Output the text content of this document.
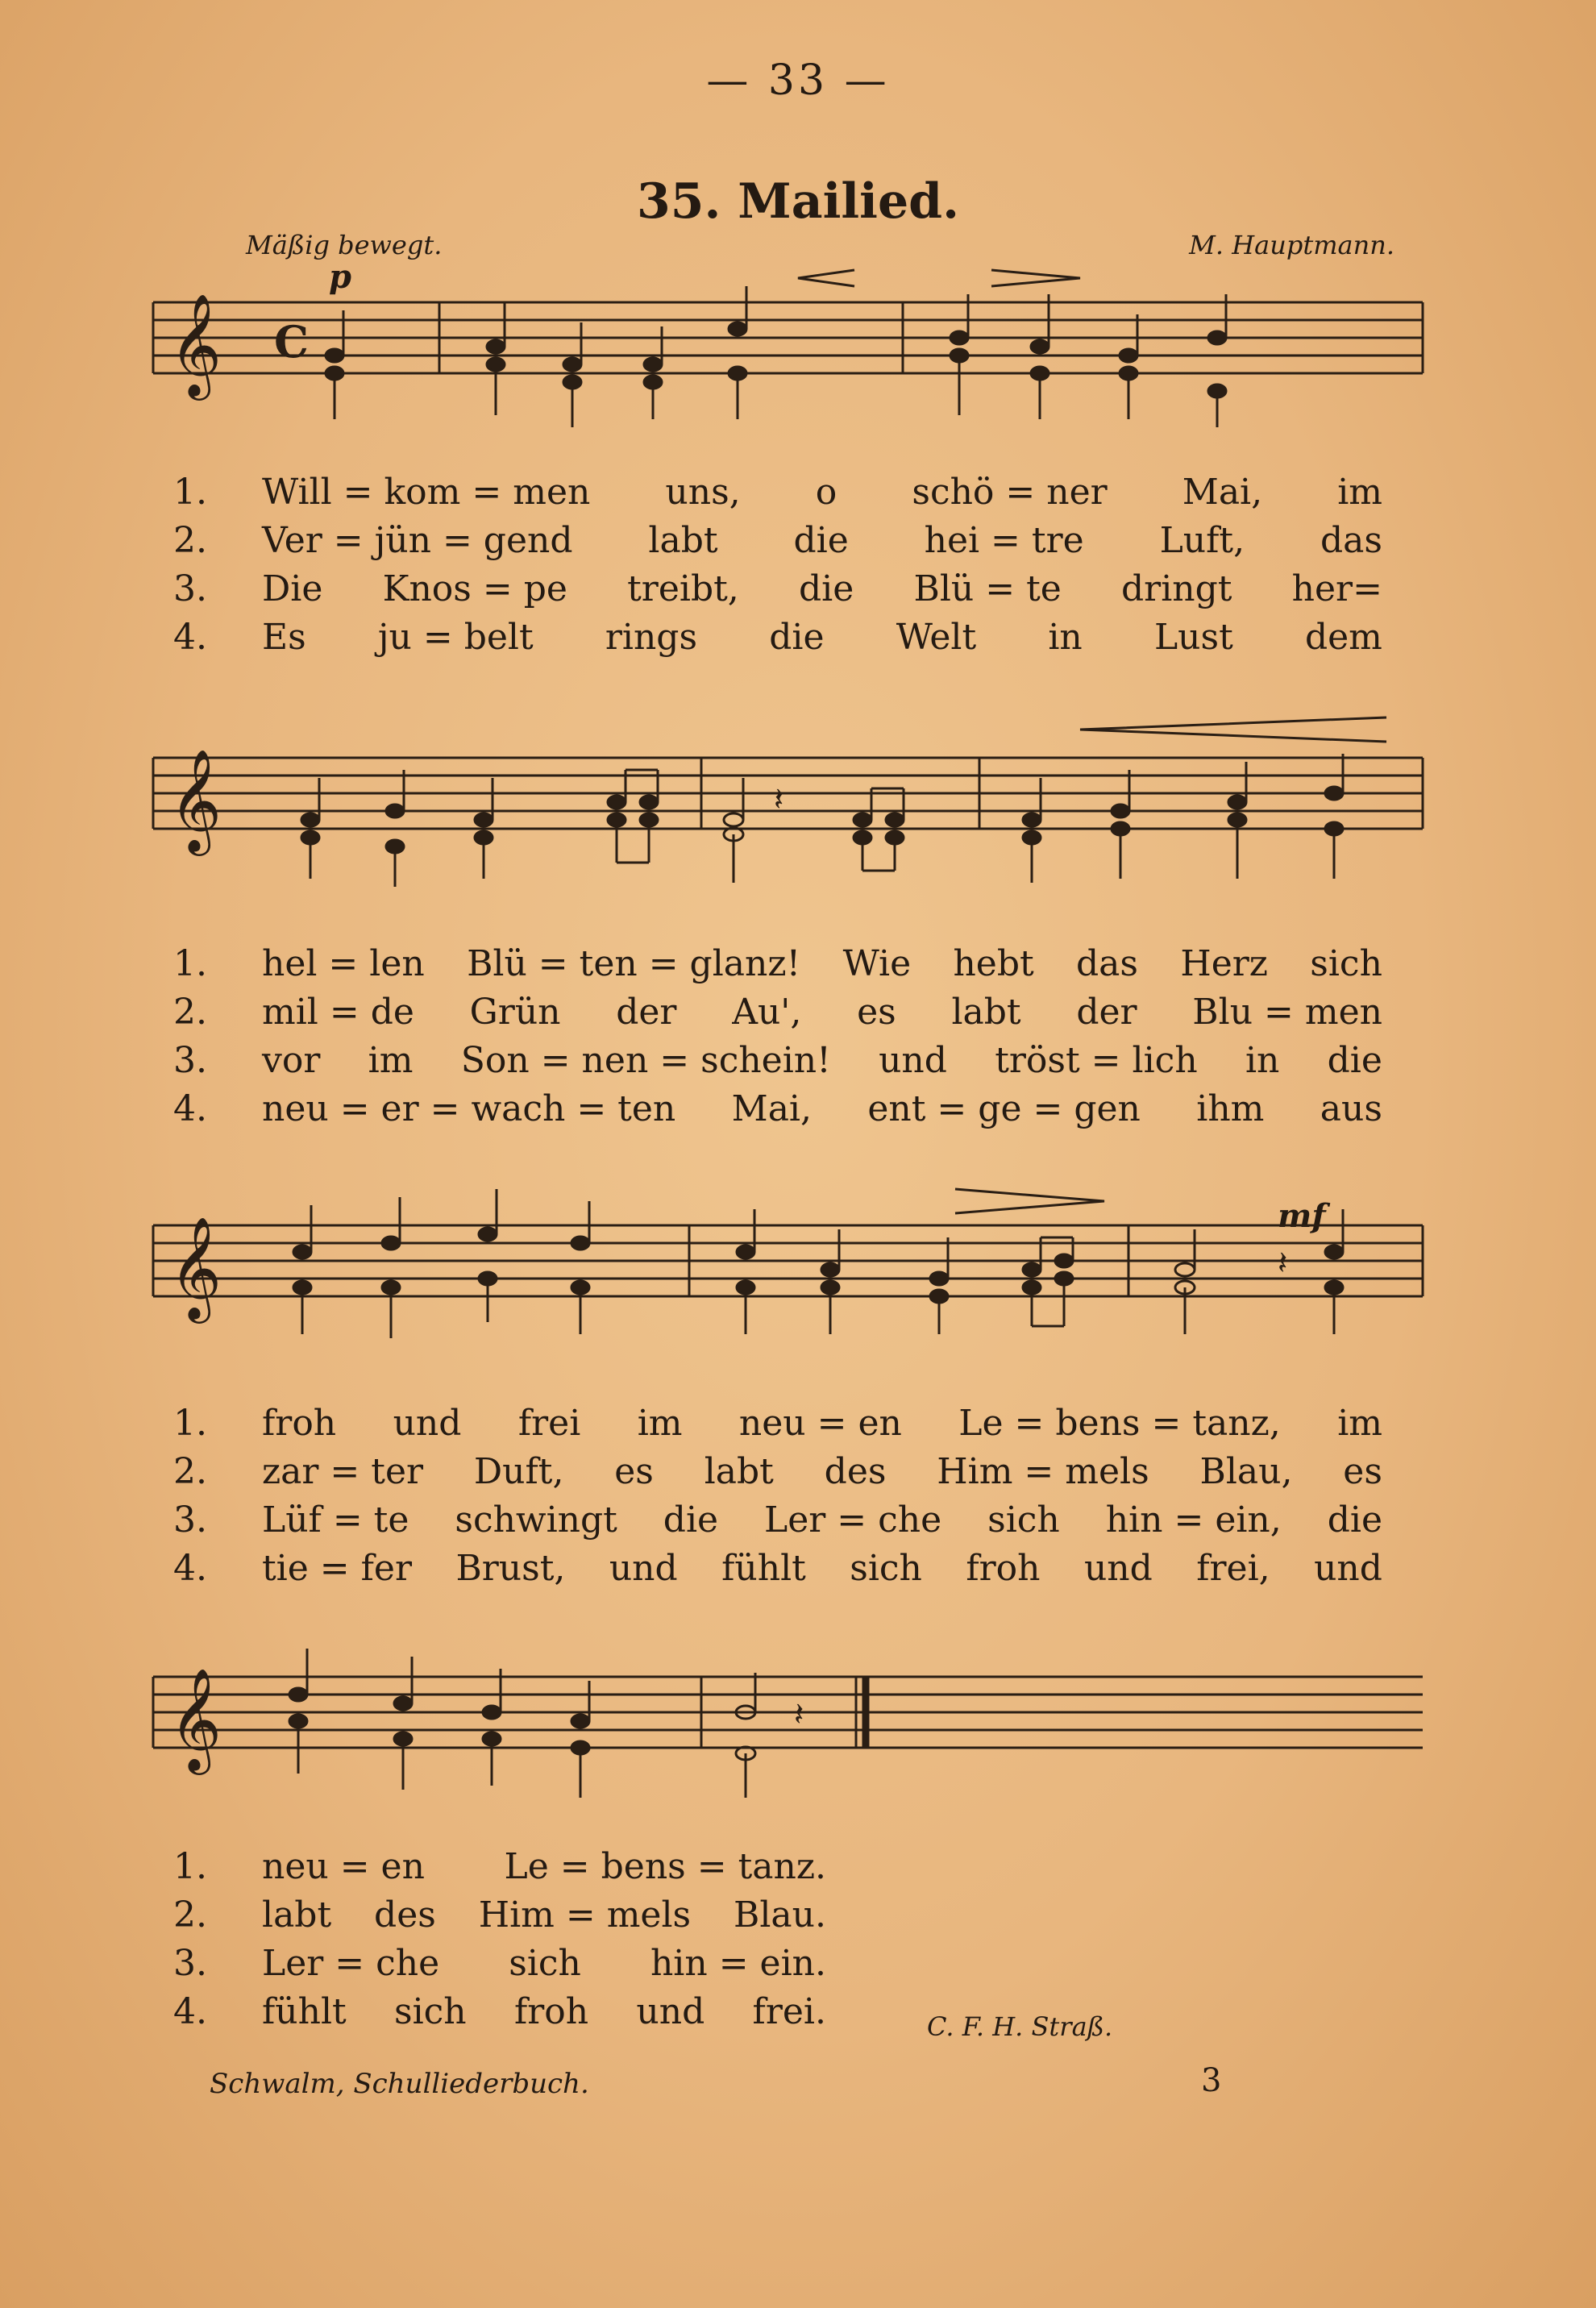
— 33 —
35. Mailied.
Mäßig bewegt.	M. Hauptmann.
p
mf
𝄞 C
1.	Will = kom = men uns, o schö = ner Mai, im
2.	Ver = jün = gend labt die hei = tre Luft, das
3.	Die Knos = pe treibt, die Blü = te dringt her=
4.	Es ju = belt rings die Welt in Lust dem
𝄞	𝄽
1.	hel = len Blü = ten = glanz! Wie hebt das Herz sich
2.	mil = de Grün der Au', es labt der Blu = men
3.	vor im Son = nen = schein! und tröst = lich in die
4.	neu = er = wach = ten Mai, ent = ge = gen ihm aus
𝄞	𝄽
1.	froh und frei im neu = en Le = bens = tanz, im
2.	zar = ter Duft, es labt des Him = mels Blau, es
3.	Lüf = te schwingt die Ler = che sich hin = ein, die
4.	tie = fer Brust, und fühlt sich froh und frei, und
𝄞	𝄽
1.	neu = en Le = bens = tanz.
2.	labt des Him = mels Blau.
3.	Ler = che sich hin = ein.
4.	fühlt sich froh und frei.	C. F. H. Straß.
Schwalm, Schulliederbuch.	3
